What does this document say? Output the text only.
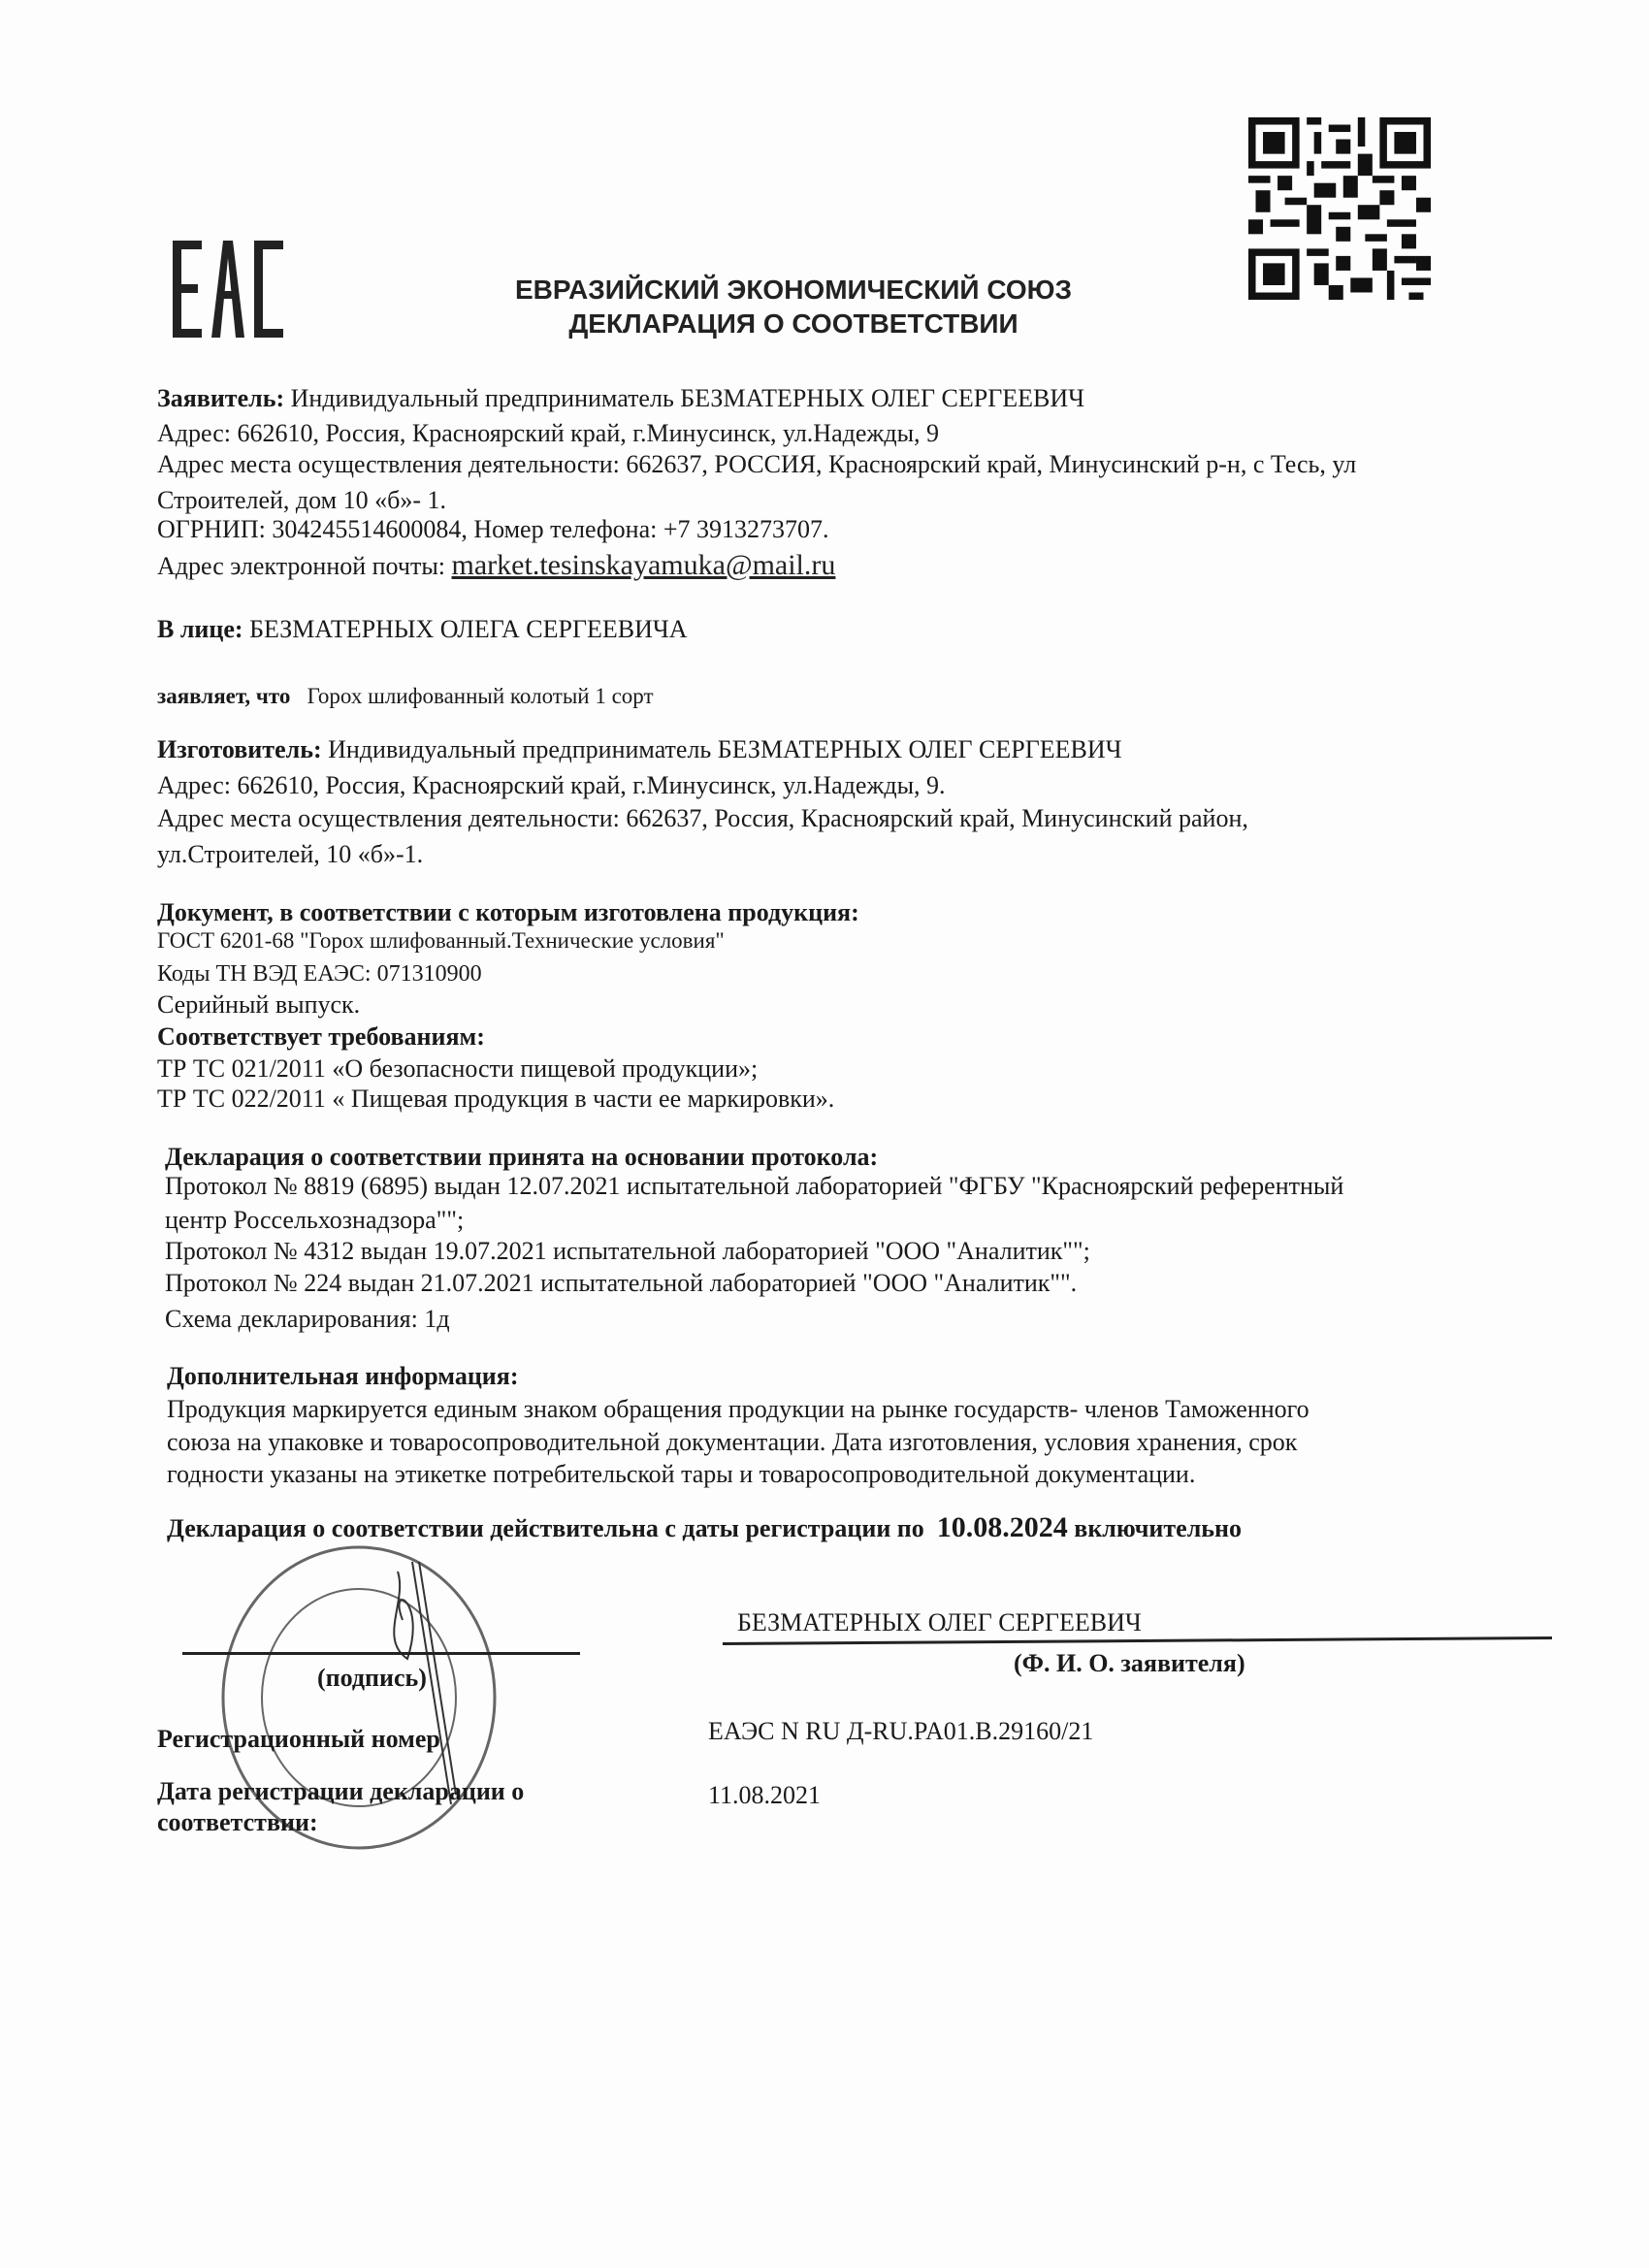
ЕВРАЗИЙСКИЙ ЭКОНОМИЧЕСКИЙ СОЮЗ
ДЕКЛАРАЦИЯ О СООТВЕТСТВИИ
Заявитель: Индивидуальный предприниматель БЕЗМАТЕРНЫХ ОЛЕГ СЕРГЕЕВИЧ
Адрес: 662610, Россия, Красноярский край, г.Минусинск, ул.Надежды, 9
Адрес места осуществления деятельности: 662637, РОССИЯ, Красноярский край, Минусинский р-н, с Тесь, ул
Строителей, дом 10 «б»- 1.
ОГРНИП: 304245514600084, Номер телефона: +7 3913273707.
Адрес электронной почты: market.tesinskayamuka@mail.ru
В лице: БЕЗМАТЕРНЫХ ОЛЕГА СЕРГЕЕВИЧА
заявляет, что Горох шлифованный колотый 1 сорт
Изготовитель: Индивидуальный предприниматель БЕЗМАТЕРНЫХ ОЛЕГ СЕРГЕЕВИЧ
Адрес: 662610, Россия, Красноярский край, г.Минусинск, ул.Надежды, 9.
Адрес места осуществления деятельности: 662637, Россия, Красноярский край, Минусинский район,
ул.Строителей, 10 «б»-1.
Документ, в соответствии с которым изготовлена продукция:
ГОСТ 6201-68 "Горох шлифованный.Технические условия"
Коды ТН ВЭД ЕАЭС: 071310900
Серийный выпуск.
Соответствует требованиям:
ТР ТС 021/2011 «О безопасности пищевой продукции»;
ТР ТС 022/2011 « Пищевая продукция в части ее маркировки».
Декларация о соответствии принята на основании протокола:
Протокол № 8819 (6895) выдан 12.07.2021 испытательной лабораторией "ФГБУ "Красноярский референтный
центр Россельхознадзора"";
Протокол № 4312 выдан 19.07.2021 испытательной лабораторией "ООО "Аналитик"";
Протокол № 224 выдан 21.07.2021 испытательной лабораторией "ООО "Аналитик"".
Схема декларирования: 1д
Дополнительная информация:
Продукция маркируется единым знаком обращения продукции на рынке государств- членов Таможенного
союза на упаковке и товаросопроводительной документации. Дата изготовления, условия хранения, срок
годности указаны на этикетке потребительской тары и товаросопроводительной документации.
Декларация о соответствии действительна с даты регистрации по 10.08.2024 включительно
(подпись)
БЕЗМАТЕРНЫХ ОЛЕГ СЕРГЕЕВИЧ
(Ф. И. О. заявителя)
Регистрационный номер	ЕАЭС N RU Д-RU.PA01.B.29160/21
Дата регистрации декларации о
соответствии:
11.08.2021
